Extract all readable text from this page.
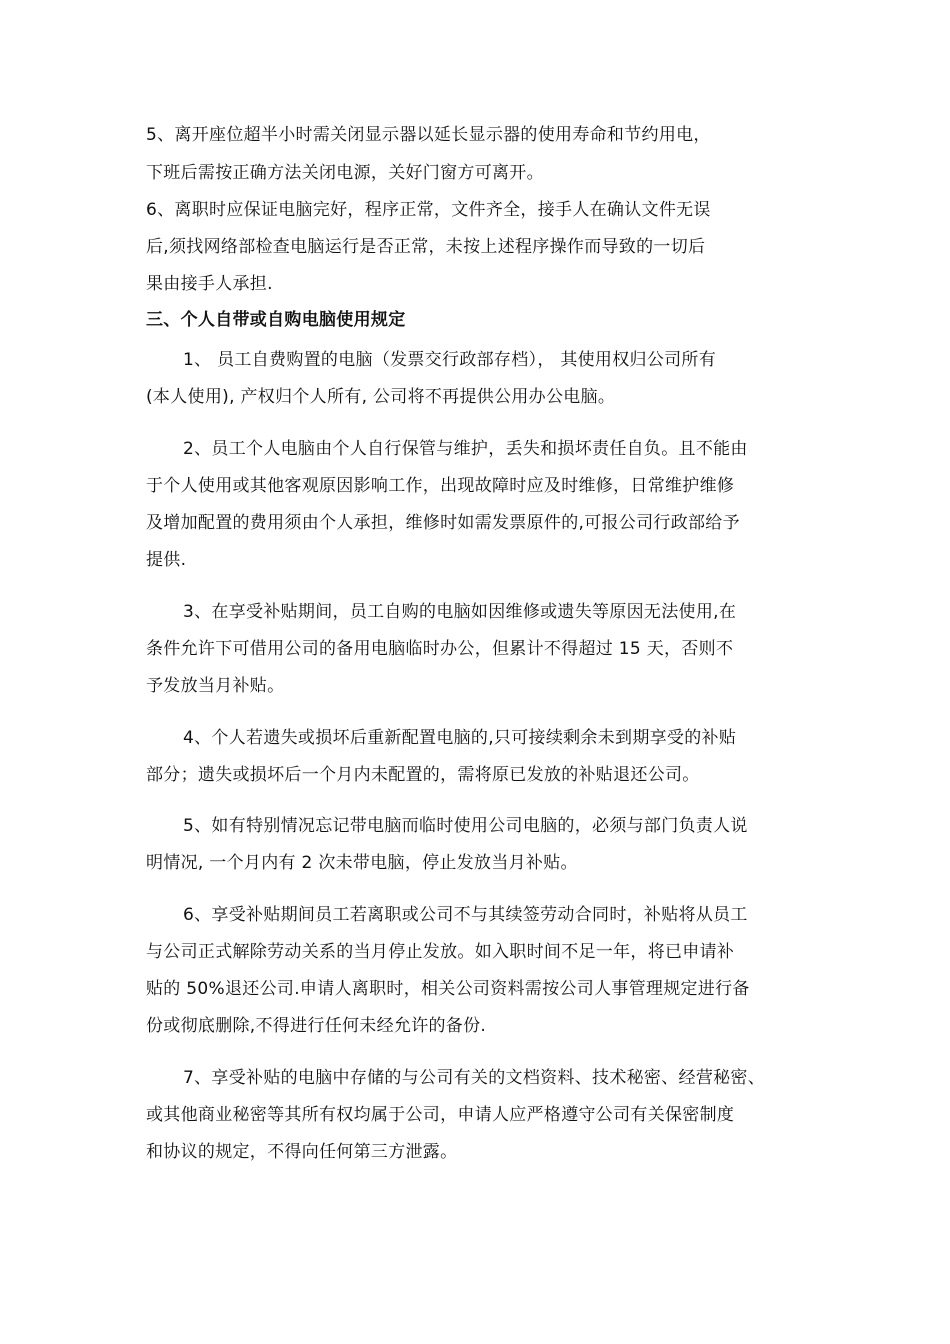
5、离开座位超半小时需关闭显示器以延长显示器的使用寿命和节约用电，
下班后需按正确方法关闭电源，关好门窗方可离开。
6、离职时应保证电脑完好，程序正常，文件齐全，接手人在确认文件无误
后,须找网络部检查电脑运行是否正常，未按上述程序操作而导致的一切后
果由接手人承担.
三、个人自带或自购电脑使用规定
1、 员工自费购置的电脑（发票交行政部存档）， 其使用权归公司所有
(本人使用), 产权归个人所有, 公司将不再提供公用办公电脑。
2、员工个人电脑由个人自行保管与维护，丢失和损坏责任自负。且不能由
于个人使用或其他客观原因影响工作，出现故障时应及时维修，日常维护维修
及增加配置的费用须由个人承担，维修时如需发票原件的,可报公司行政部给予
提供.
3、在享受补贴期间，员工自购的电脑如因维修或遗失等原因无法使用,在
条件允许下可借用公司的备用电脑临时办公，但累计不得超过 15 天，否则不
予发放当月补贴。
4、个人若遗失或损坏后重新配置电脑的,只可接续剩余未到期享受的补贴
部分；遗失或损坏后一个月内未配置的，需将原已发放的补贴退还公司。
5、如有特别情况忘记带电脑而临时使用公司电脑的，必须与部门负责人说
明情况, 一个月内有 2 次未带电脑，停止发放当月补贴。
6、享受补贴期间员工若离职或公司不与其续签劳动合同时，补贴将从员工
与公司正式解除劳动关系的当月停止发放。如入职时间不足一年，将已申请补
贴的 50%退还公司.申请人离职时，相关公司资料需按公司人事管理规定进行备
份或彻底删除,不得进行任何未经允许的备份.
7、享受补贴的电脑中存储的与公司有关的文档资料、技术秘密、经营秘密、
或其他商业秘密等其所有权均属于公司，申请人应严格遵守公司有关保密制度
和协议的规定，不得向任何第三方泄露。
